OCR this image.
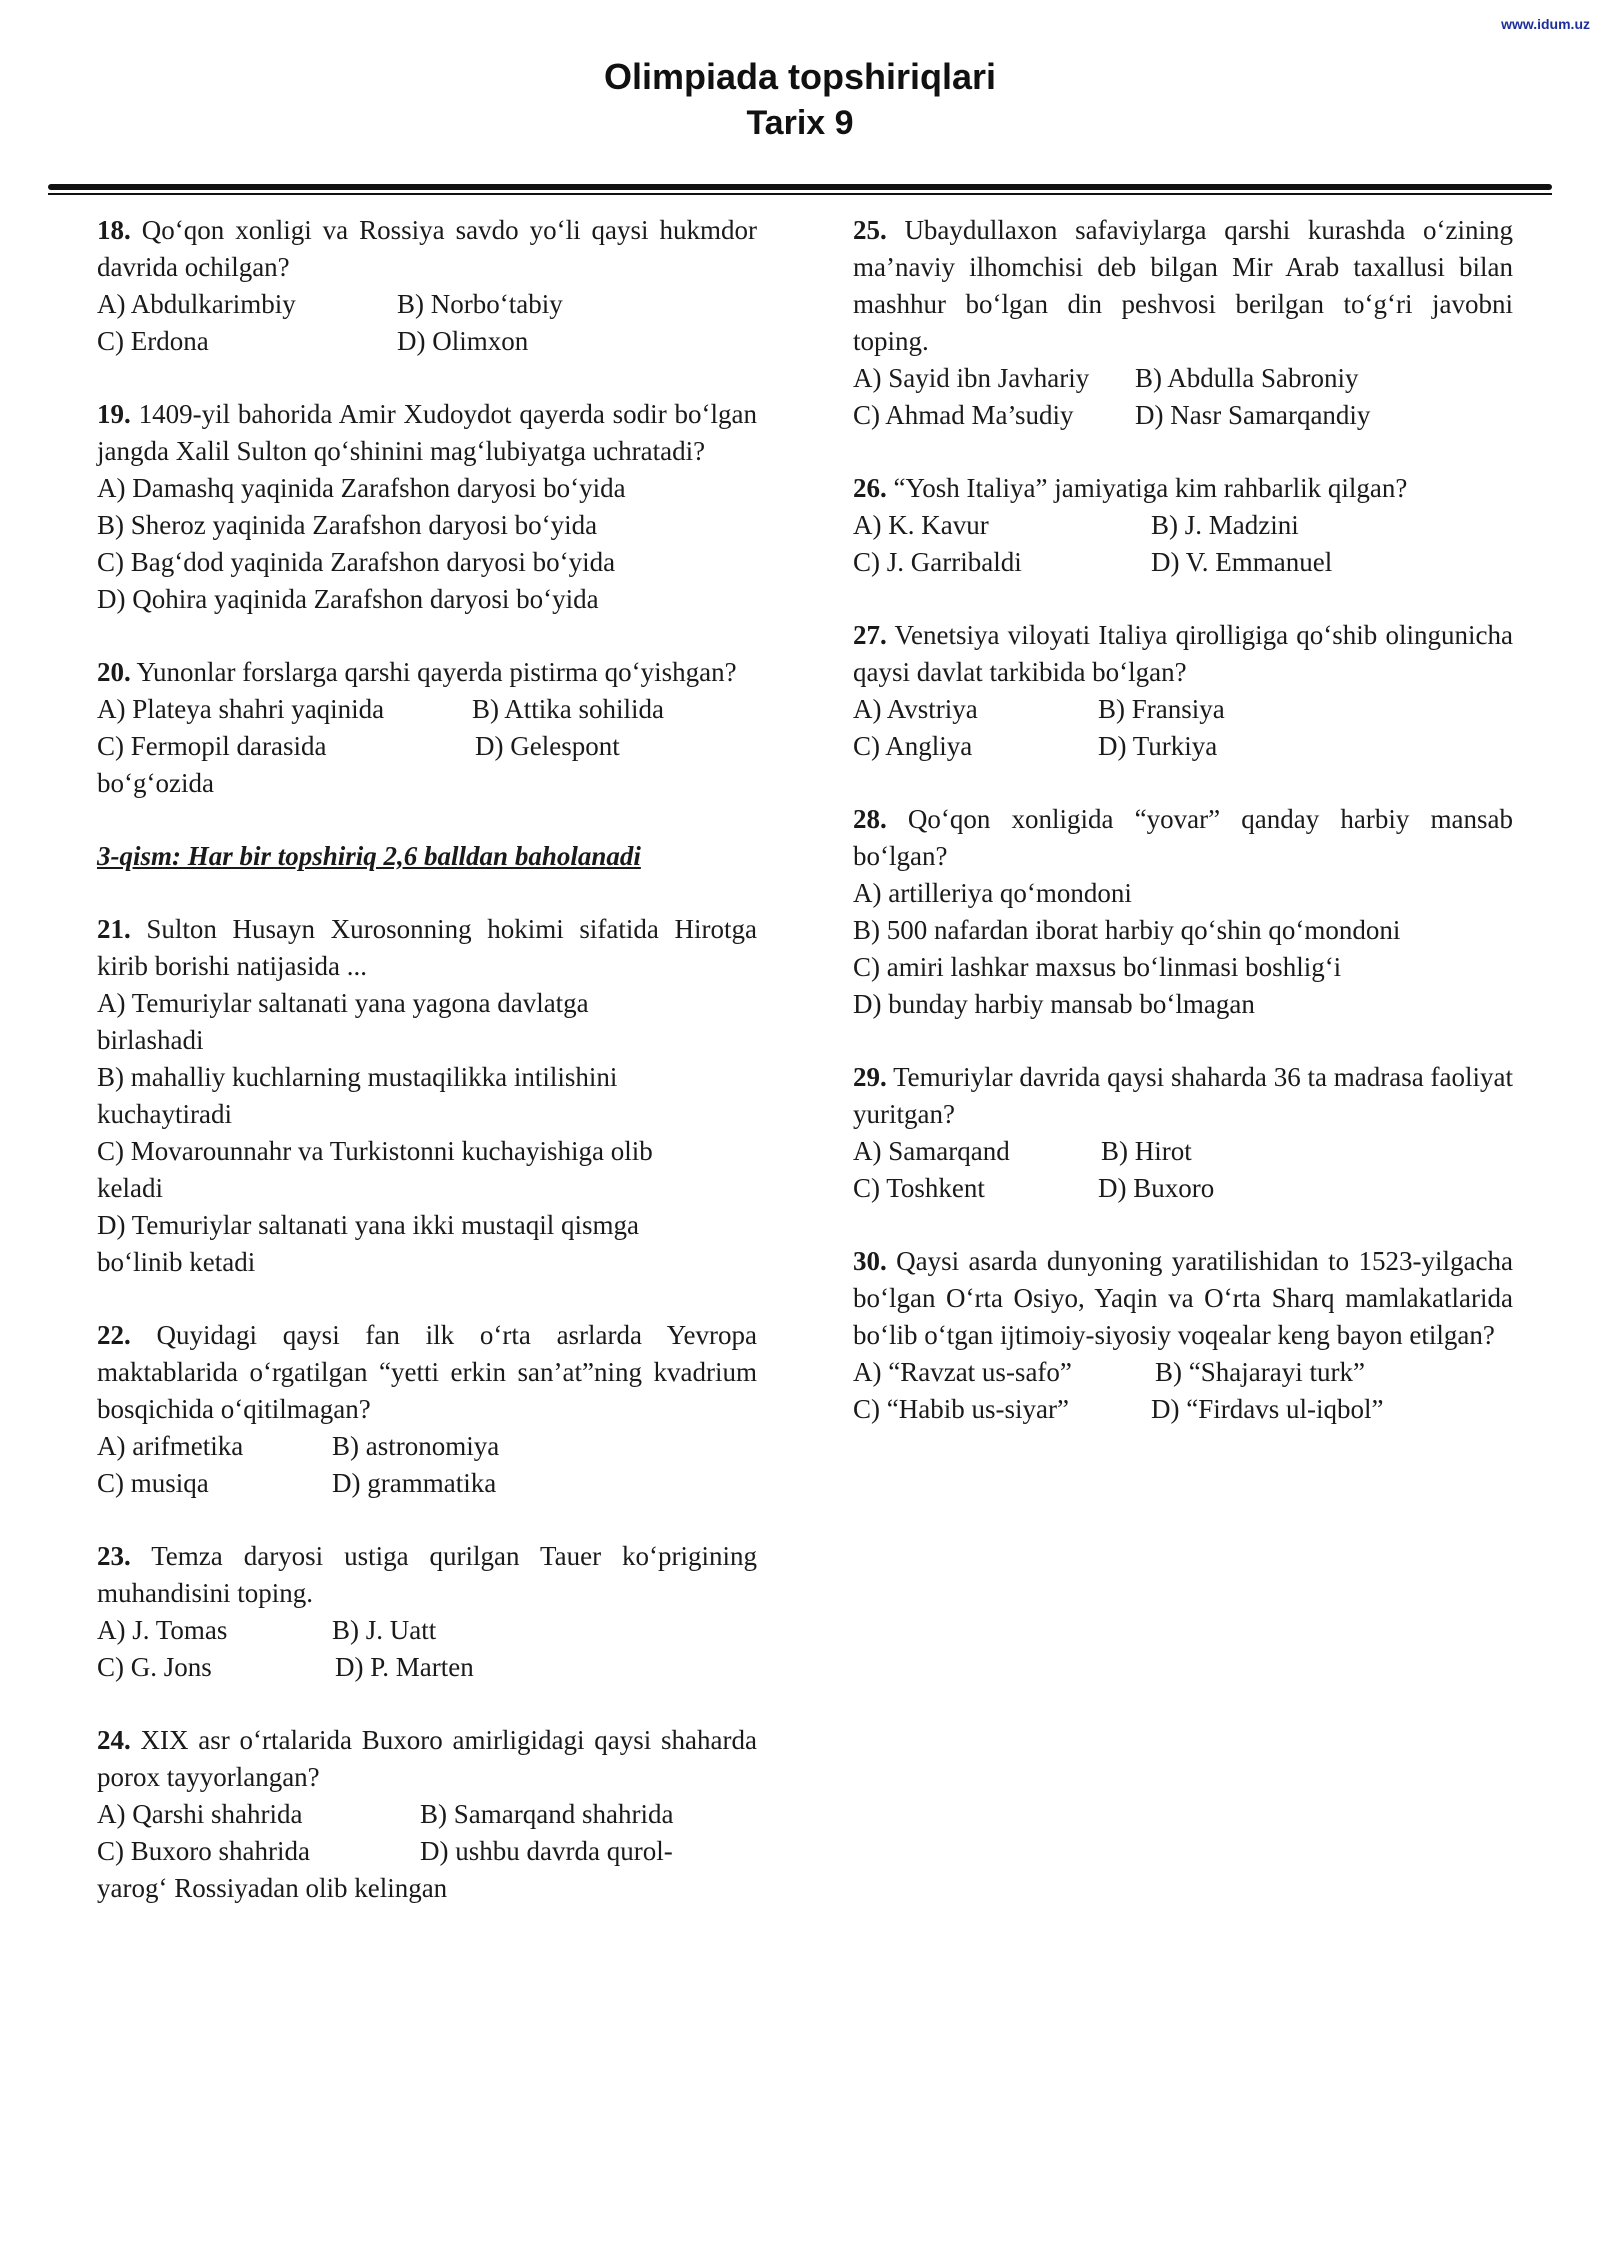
www.idum.uz
Olimpiada topshiriqlari
Tarix 9
18. Qo‘qon xonligi va Rossiya savdo yo‘li qaysi hukmdor davrida ochilgan?
A) Abdulkarimbiy	B) Norbo‘tabiy
C) Erdona	D) Olimxon
19. 1409-yil bahorida Amir Xudoydot qayerda sodir bo‘lgan jangda Xalil Sulton qo‘shinini mag‘lubiyatga uchratadi?
A) Damashq yaqinida Zarafshon daryosi bo‘yida
B) Sheroz yaqinida Zarafshon daryosi bo‘yida
C) Bag‘dod yaqinida Zarafshon daryosi bo‘yida
D) Qohira yaqinida Zarafshon daryosi bo‘yida
20. Yunonlar forslarga qarshi qayerda pistirma qo‘yishgan?
A) Plateya shahri yaqinida	B) Attika sohilida
C) Fermopil darasida	D) Gelespont
bo‘g‘ozida
3-qism: Har bir topshiriq 2,6 balldan baholanadi
21. Sulton Husayn Xurosonning hokimi sifatida Hirotga kirib borishi natijasida ...
A) Temuriylar saltanati yana yagona davlatga birlashadi
B) mahalliy kuchlarning mustaqilikka intilishini kuchaytiradi
C) Movarounnahr va Turkistonni kuchayishiga olib keladi
D) Temuriylar saltanati yana ikki mustaqil qismga bo‘linib ketadi
22. Quyidagi qaysi fan ilk o‘rta asrlarda Yevropa maktablarida o‘rgatilgan “yetti erkin san’at”ning kvadrium bosqichida o‘qitilmagan?
A) arifmetika	B) astronomiya
C) musiqa	D) grammatika
23. Temza daryosi ustiga qurilgan Tauer ko‘prigining muhandisini toping.
A) J. Tomas	B) J. Uatt
C) G. Jons	D) P. Marten
24. XIX asr o‘rtalarida Buxoro amirligidagi qaysi shaharda porox tayyorlangan?
A) Qarshi shahrida	B) Samarqand shahrida
C) Buxoro shahrida	D) ushbu davrda qurol-
yarog‘ Rossiyadan olib kelingan
25. Ubaydullaxon safaviylarga qarshi kurashda o‘zining ma’naviy ilhomchisi deb bilgan Mir Arab taxallusi bilan mashhur bo‘lgan din peshvosi berilgan to‘g‘ri javobni toping.
A) Sayid ibn Javhariy	B) Abdulla Sabroniy
C) Ahmad Ma’sudiy	D) Nasr Samarqandiy
26. “Yosh Italiya” jamiyatiga kim rahbarlik qilgan?
A) K. Kavur	B) J. Madzini
C) J. Garribaldi	D) V. Emmanuel
27. Venetsiya viloyati Italiya qirolligiga qo‘shib olingunicha qaysi davlat tarkibida bo‘lgan?
A) Avstriya	B) Fransiya
C) Angliya	D) Turkiya
28. Qo‘qon xonligida “yovar” qanday harbiy mansab bo‘lgan?
A) artilleriya qo‘mondoni
B) 500 nafardan iborat harbiy qo‘shin qo‘mondoni
C) amiri lashkar maxsus bo‘linmasi boshlig‘i
D) bunday harbiy mansab bo‘lmagan
29. Temuriylar davrida qaysi shaharda 36 ta madrasa faoliyat yuritgan?
A) Samarqand	B) Hirot
C) Toshkent	D) Buxoro
30. Qaysi asarda dunyoning yaratilishidan to 1523-yilgacha bo‘lgan O‘rta Osiyo, Yaqin va O‘rta Sharq mamlakatlarida bo‘lib o‘tgan ijtimoiy-siyosiy voqealar keng bayon etilgan?
A) “Ravzat us-safo”	B) “Shajarayi turk”
C) “Habib us-siyar”	D) “Firdavs ul-iqbol”
